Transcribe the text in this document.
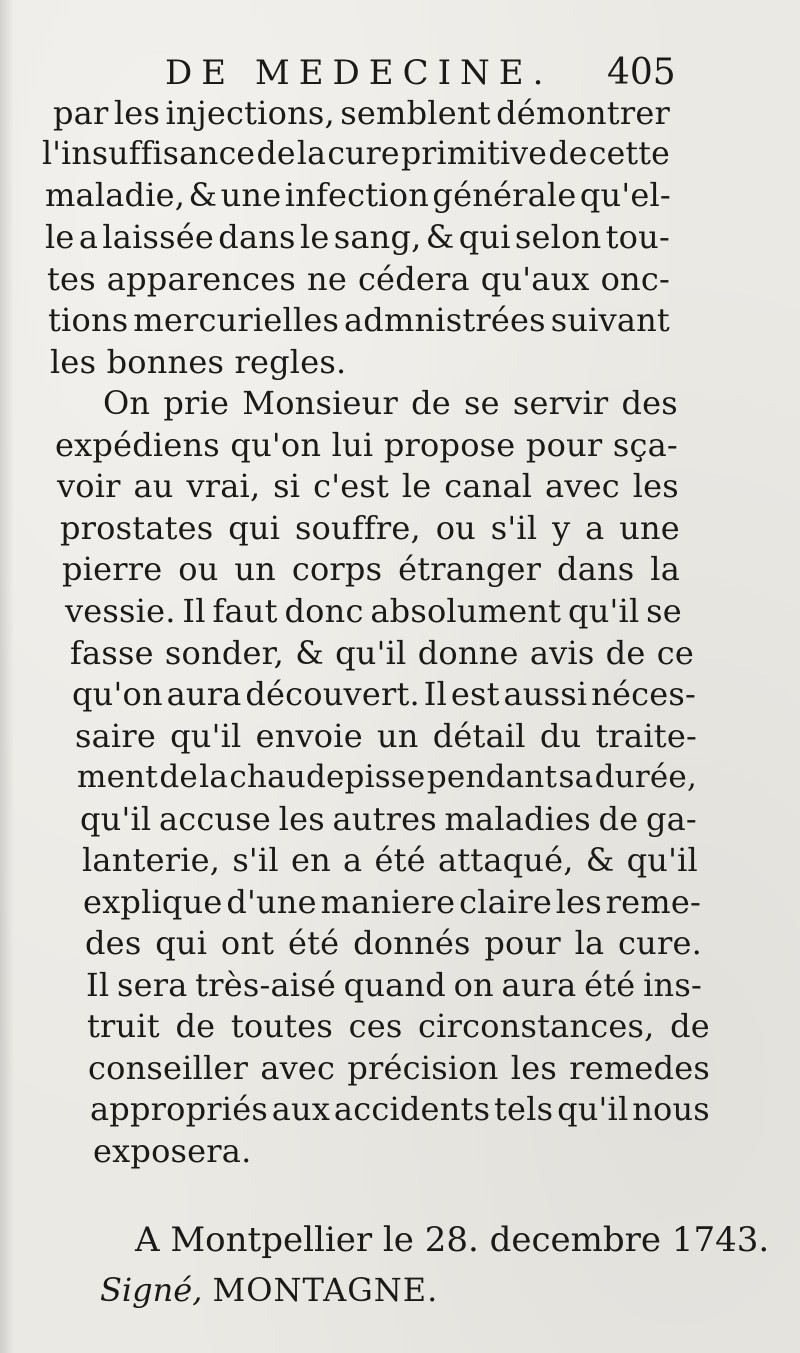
DE MEDECINE. 405
par les injections, semblent démontrer
l'insuffisance de la cure primitive de cette
maladie, & une infection générale qu'el-
le a laissée dans le sang, & qui selon tou-
tes apparences ne cédera qu'aux onc-
tions mercurielles admnistrées suivant
les bonnes regles.
On prie Monsieur de se servir des
expédiens qu'on lui propose pour sça-
voir au vrai, si c'est le canal avec les
prostates qui souffre, ou s'il y a une
pierre ou un corps étranger dans la
vessie. Il faut donc absolument qu'il se
fasse sonder, & qu'il donne avis de ce
qu'on aura découvert. Il est aussi néces-
saire qu'il envoie un détail du traite-
ment de la chaudepisse pendant sa durée,
qu'il accuse les autres maladies de ga-
lanterie, s'il en a été attaqué, & qu'il
explique d'une maniere claire les reme-
des qui ont été donnés pour la cure.
Il sera très-aisé quand on aura été ins-
truit de toutes ces circonstances, de
conseiller avec précision les remedes
appropriés aux accidents tels qu'il nous
exposera.
A Montpellier le 28. decembre 1743.
Signé, MONTAGNE.
